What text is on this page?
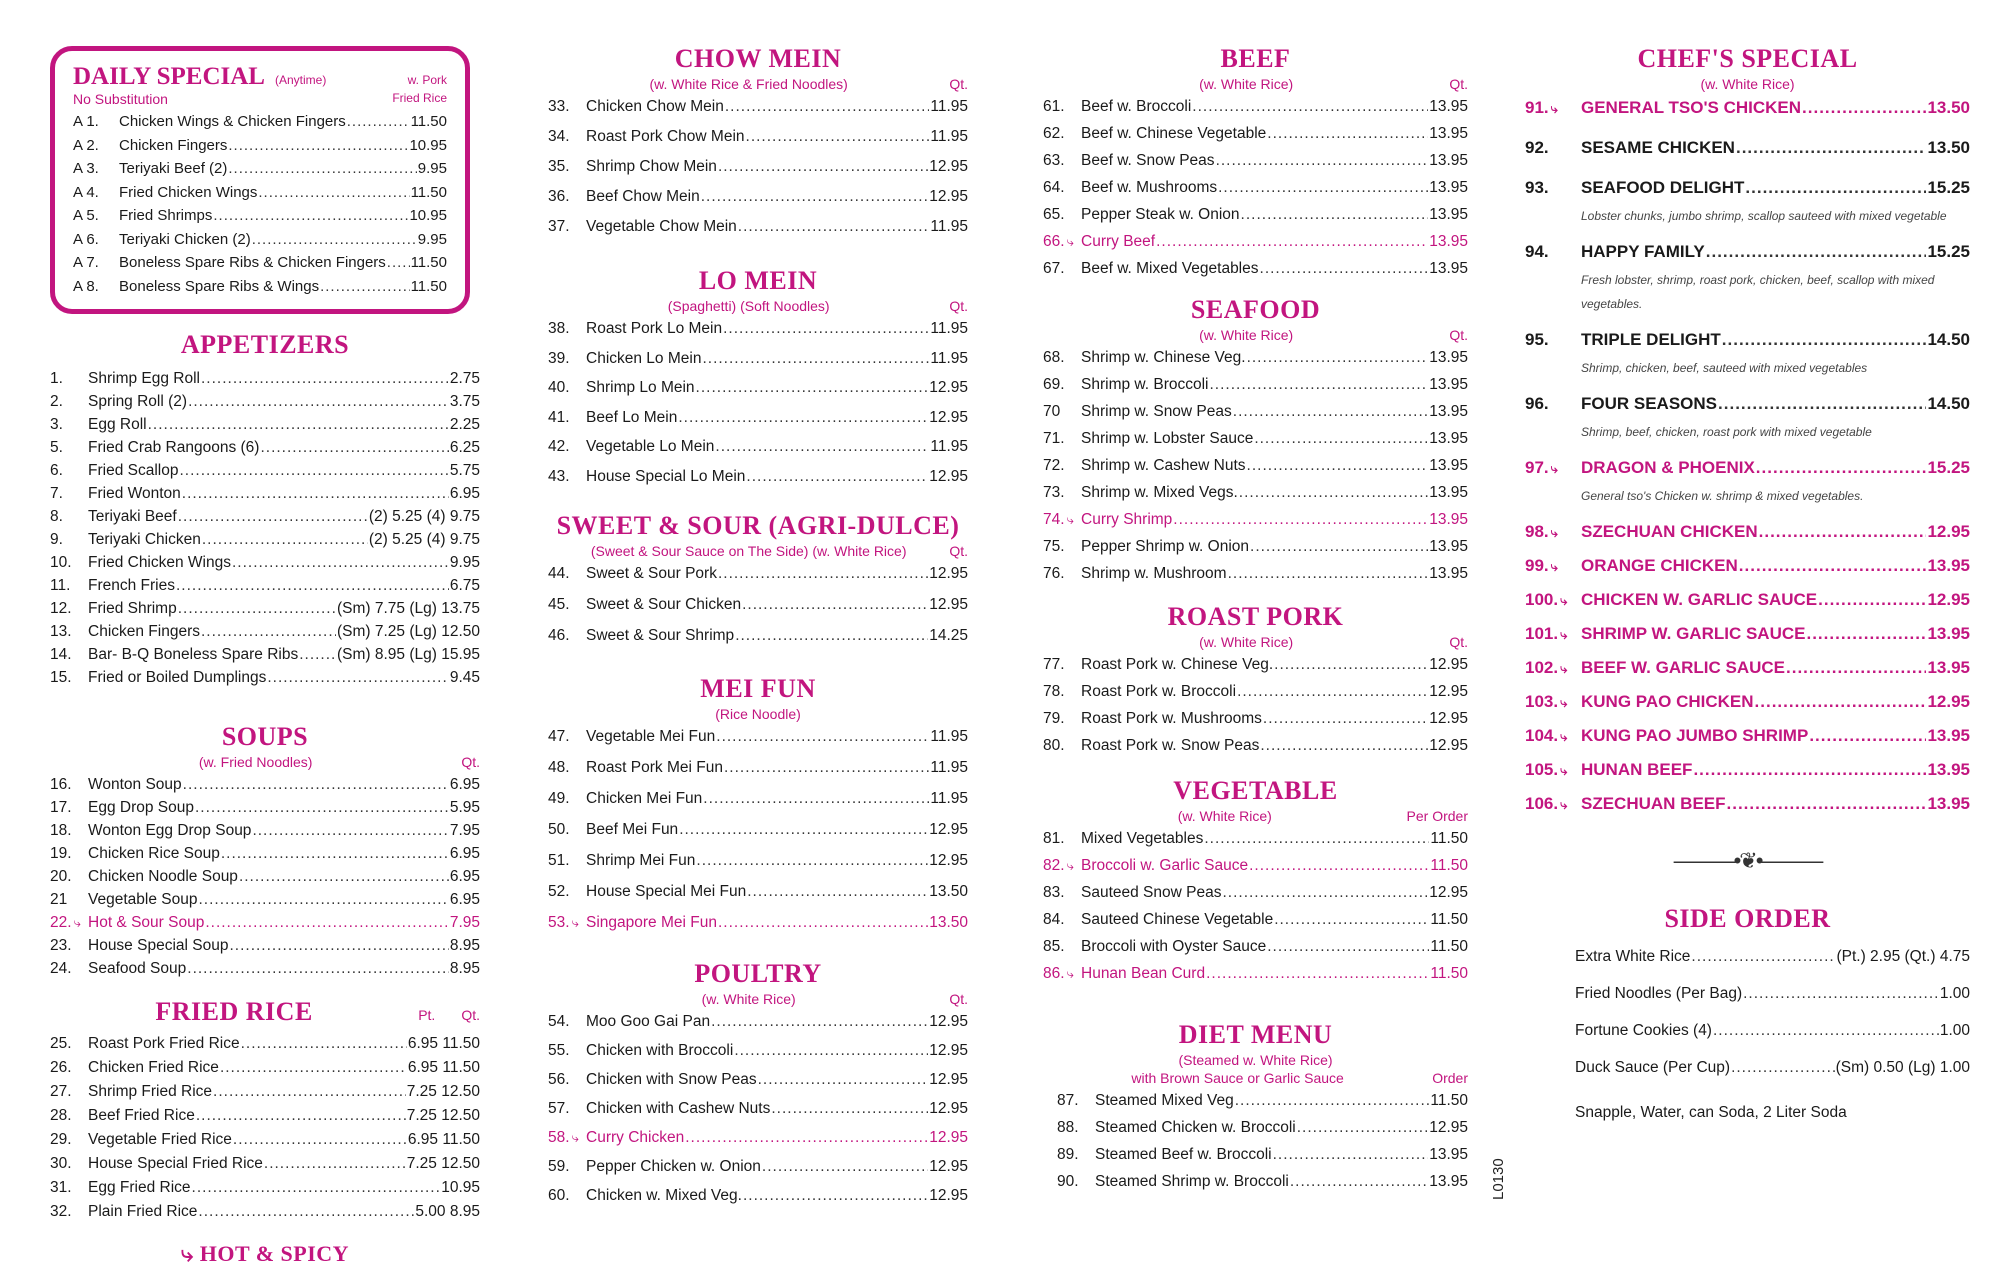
DAILY SPECIAL (Anytime)	w. Pork
No Substitution	Fried Rice
A 1.	Chicken Wings & Chicken Fingers .....	11.50
A 2.	Chicken Fingers .....	10.95
A 3.	Teriyaki Beef (2) .....	9.95
A 4.	Fried Chicken Wings .....	11.50
A 5.	Fried Shrimps .....	10.95
A 6.	Teriyaki Chicken (2) .....	9.95
A 7.	Boneless Spare Ribs & Chicken Fingers ..... 11.50
A 8.	Boneless Spare Ribs & Wings .....	11.50
APPETIZERS
1.	Shrimp Egg Roll .....	2.75
2.	Spring Roll (2) .....	3.75
3.	Egg Roll .....	2.25
5.	Fried Crab Rangoons (6) .....	6.25
6.	Fried Scallop .....	5.75
7.	Fried Wonton .....	6.95
8.	Teriyaki Beef .....	(2) 5.25 (4) 9.75
9.	Teriyaki Chicken .....	(2) 5.25 (4) 9.75
10.	Fried Chicken Wings .....	9.95
11.	French Fries .....	6.75
12.	Fried Shrimp .....	(Sm) 7.75 (Lg) 13.75
13.	Chicken Fingers .....	(Sm) 7.25 (Lg) 12.50
14.	Bar- B-Q Boneless Spare Ribs .....	(Sm) 8.95 (Lg) 15.95
15.	Fried or Boiled Dumplings .....	9.45
SOUPS
(w. Fried Noodles)	Qt.
16.	Wonton Soup .....	6.95
17.	Egg Drop Soup .....	5.95
18.	Wonton Egg Drop Soup .....	7.95
19.	Chicken Rice Soup .....	6.95
20.	Chicken Noodle Soup .....	6.95
21	Vegetable Soup .....	6.95
22. ⤷ Hot & Sour Soup .....	7.95
23.	House Special Soup .....	8.95
24.	Seafood Soup .....	8.95
FRIED RICE	Pt. Qt.
25.	Roast Pork Fried Rice .....	6.95 11.50
26.	Chicken Fried Rice .....	6.95 11.50
27.	Shrimp Fried Rice .....	7.25 12.50
28.	Beef Fried Rice .....	7.25 12.50
29.	Vegetable Fried Rice .....	6.95 11.50
30.	House Special Fried Rice .....	7.25 12.50
31.	Egg Fried Rice .....	10.95
32.	Plain Fried Rice .....	5.00 8.95
⤷ HOT & SPICY
CHOW MEIN
(w. White Rice & Fried Noodles)	Qt.
33.	Chicken Chow Mein .....	11.95
34.	Roast Pork Chow Mein .....	11.95
35.	Shrimp Chow Mein .....	12.95
36.	Beef Chow Mein .....	12.95
37.	Vegetable Chow Mein .....	11.95
LO MEIN
(Spaghetti) (Soft Noodles)	Qt.
38.	Roast Pork Lo Mein .....	11.95
39.	Chicken Lo Mein .....	11.95
40.	Shrimp Lo Mein .....	12.95
41.	Beef Lo Mein .....	12.95
42.	Vegetable Lo Mein .....	11.95
43.	House Special Lo Mein .....	12.95
SWEET & SOUR (AGRI-DULCE)
(Sweet & Sour Sauce on The Side) (w. White Rice)	Qt.
44.	Sweet & Sour Pork .....	12.95
45.	Sweet & Sour Chicken .....	12.95
46.	Sweet & Sour Shrimp .....	14.25
MEI FUN
(Rice Noodle)
47.	Vegetable Mei Fun .....	11.95
48.	Roast Pork Mei Fun .....	11.95
49.	Chicken Mei Fun .....	11.95
50.	Beef Mei Fun .....	12.95
51.	Shrimp Mei Fun .....	12.95
52.	House Special Mei Fun .....	13.50
53. ⤷ Singapore Mei Fun .....	13.50
POULTRY
(w. White Rice)	Qt.
54.	Moo Goo Gai Pan .....	12.95
55.	Chicken with Broccoli .....	12.95
56.	Chicken with Snow Peas .....	12.95
57.	Chicken with Cashew Nuts .....	12.95
58. ⤷ Curry Chicken .....	12.95
59.	Pepper Chicken w. Onion .....	12.95
60.	Chicken w. Mixed Veg. .....	12.95
BEEF
(w. White Rice)	Qt.
61.	Beef w. Broccoli .....	13.95
62.	Beef w. Chinese Vegetable .....	13.95
63.	Beef w. Snow Peas .....	13.95
64.	Beef w. Mushrooms .....	13.95
65.	Pepper Steak w. Onion .....	13.95
66. ⤷ Curry Beef .....	13.95
67.	Beef w. Mixed Vegetables .....	13.95
SEAFOOD
(w. White Rice)	Qt.
68.	Shrimp w. Chinese Veg. .....	13.95
69.	Shrimp w. Broccoli .....	13.95
70	Shrimp w. Snow Peas .....	13.95
71.	Shrimp w. Lobster Sauce .....	13.95
72.	Shrimp w. Cashew Nuts .....	13.95
73.	Shrimp w. Mixed Vegs. .....	13.95
74. ⤷ Curry Shrimp .....	13.95
75.	Pepper Shrimp w. Onion .....	13.95
76.	Shrimp w. Mushroom .....	13.95
ROAST PORK
(w. White Rice)	Qt.
77.	Roast Pork w. Chinese Veg. .....	12.95
78.	Roast Pork w. Broccoli .....	12.95
79.	Roast Pork w. Mushrooms .....	12.95
80.	Roast Pork w. Snow Peas .....	12.95
VEGETABLE
(w. White Rice)	Per Order
81.	Mixed Vegetables .....	11.50
82. ⤷ Broccoli w. Garlic Sauce .....	11.50
83.	Sauteed Snow Peas .....	12.95
84.	Sauteed Chinese Vegetable .....	11.50
85.	Broccoli with Oyster Sauce .....	11.50
86. ⤷ Hunan Bean Curd .....	11.50
DIET MENU
(Steamed w. White Rice)
with Brown Sauce or Garlic Sauce	Order
87.	Steamed Mixed Veg .....	11.50
88.	Steamed Chicken w. Broccoli .....	12.95
89.	Steamed Beef w. Broccoli .....	13.95
90.	Steamed Shrimp w. Broccoli .....	13.95 L0130
CHEF'S SPECIAL
(w. White Rice)
91. ⤷	GENERAL TSO'S CHICKEN .....	13.50
92.	SESAME CHICKEN .....	13.50
93.	SEAFOOD DELIGHT .....	15.25
Lobster chunks, jumbo shrimp, scallop sauteed with mixed vegetable
94.	HAPPY FAMILY .....	15.25
Fresh lobster, shrimp, roast pork, chicken, beef, scallop with mixed vegetables.
95.	TRIPLE DELIGHT .....	14.50
Shrimp, chicken, beef, sauteed with mixed vegetables
96.	FOUR SEASONS .....	14.50
Shrimp, beef, chicken, roast pork with mixed vegetable
97. ⤷	DRAGON & PHOENIX .....	15.25
General tso's Chicken w. shrimp & mixed vegetables.
98. ⤷	SZECHUAN CHICKEN .....	12.95
99. ⤷	ORANGE CHICKEN .....	13.95
100. ⤷ CHICKEN W. GARLIC SAUCE .....	12.95
101. ⤷ SHRIMP W. GARLIC SAUCE .....	13.95
102. ⤷ BEEF W. GARLIC SAUCE .....	13.95
103. ⤷ KUNG PAO CHICKEN .....	12.95
104. ⤷ KUNG PAO JUMBO SHRIMP .....	13.95
105. ⤷ HUNAN BEEF .....	13.95
106. ⤷ SZECHUAN BEEF .....	13.95
———•❦•———
SIDE ORDER
Extra White Rice .....	(Pt.) 2.95 (Qt.) 4.75
Fried Noodles (Per Bag) .....	1.00
Fortune Cookies (4) .....	1.00
Duck Sauce (Per Cup) .....	(Sm) 0.50 (Lg) 1.00
Snapple, Water, can Soda, 2 Liter Soda
